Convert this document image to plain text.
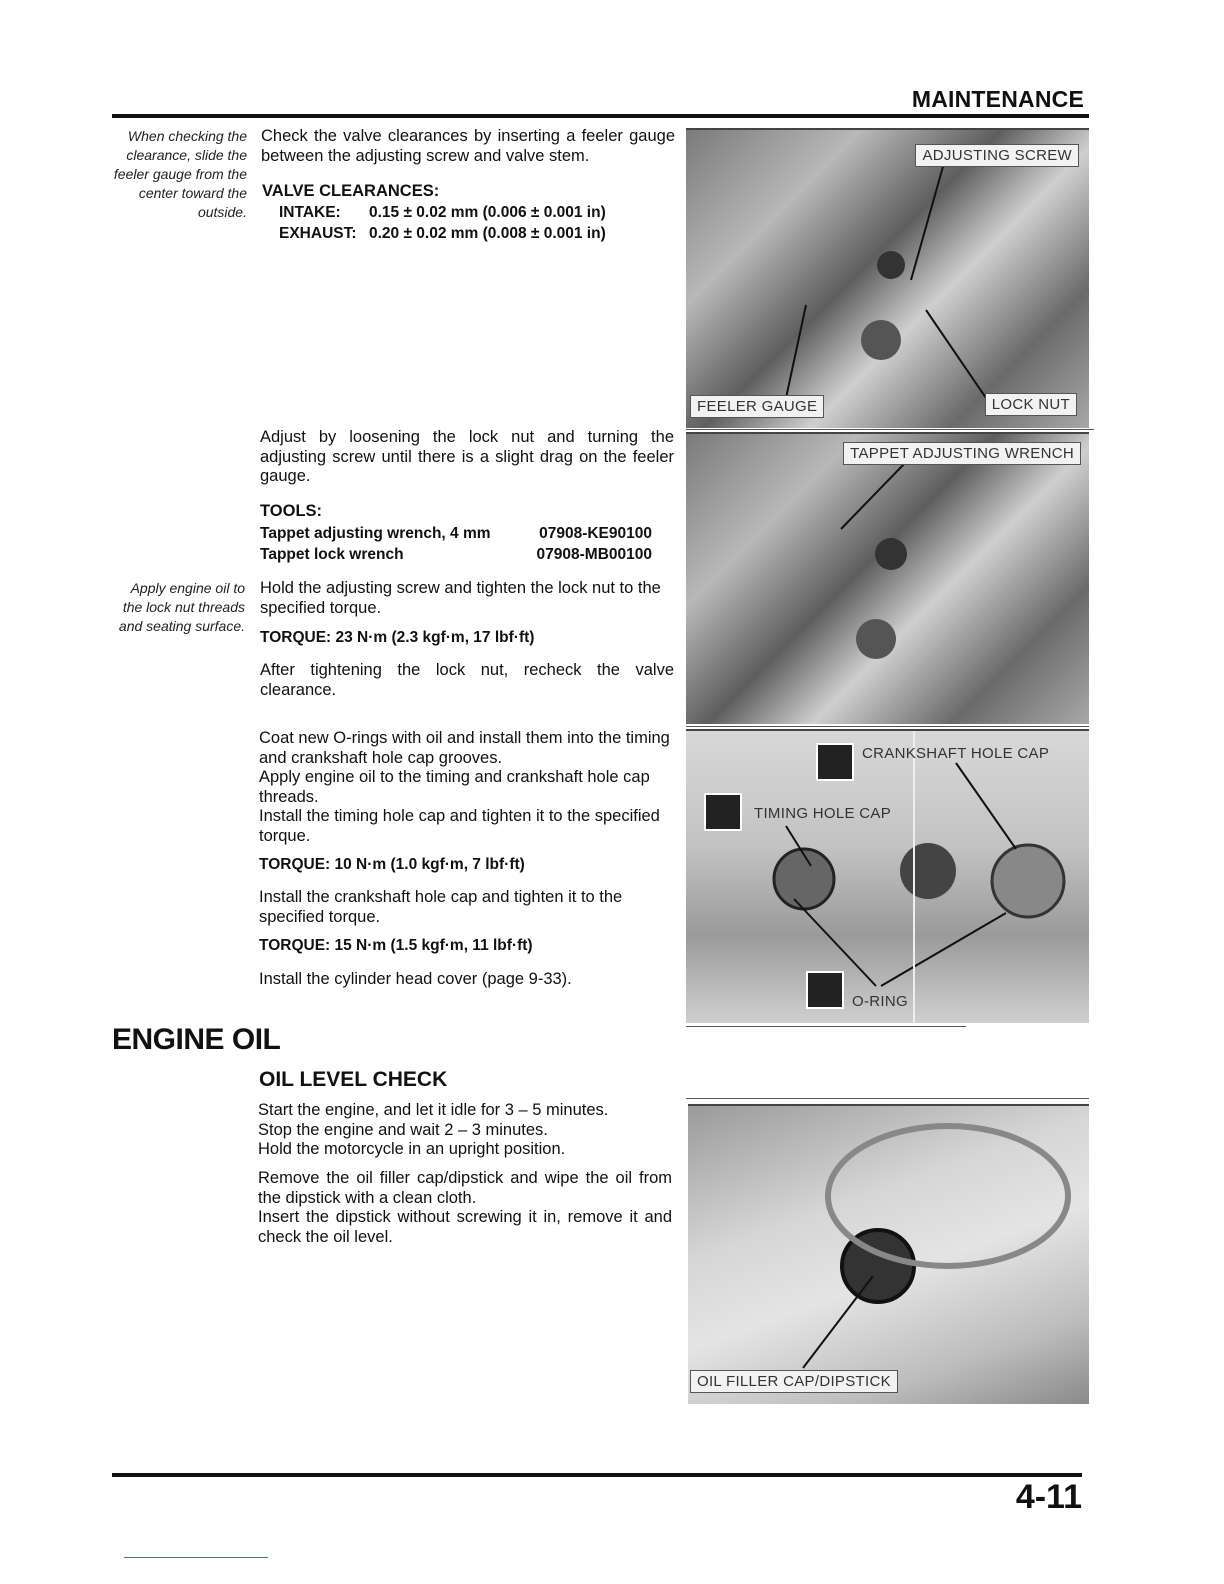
MAINTENANCE
When checking the clearance, slide the feeler gauge from the center toward the outside.
Check the valve clearances by inserting a feeler gauge between the adjusting screw and valve stem.
VALVE CLEARANCES:
INTAKE:	0.15 ± 0.02 mm (0.006 ± 0.001 in)
EXHAUST: 0.20 ± 0.02 mm (0.008 ± 0.001 in)
ADJUSTING SCREW
FEELER GAUGE	LOCK NUT
Adjust by loosening the lock nut and turning the adjusting screw until there is a slight drag on the feeler gauge.
TOOLS:
Tappet adjusting wrench, 4 mm	07908-KE90100
Tappet lock wrench	07908-MB00100
TAPPET ADJUSTING WRENCH
Apply engine oil to the lock nut threads and seating surface.
Hold the adjusting screw and tighten the lock nut to the specified torque.
TORQUE: 23 N·m (2.3 kgf·m, 17 lbf·ft)
After tightening the lock nut, recheck the valve clearance.
Coat new O-rings with oil and install them into the timing and crankshaft hole cap grooves.
Apply engine oil to the timing and crankshaft hole cap threads.
Install the timing hole cap and tighten it to the specified torque.
TORQUE: 10 N·m (1.0 kgf·m, 7 lbf·ft)
Install the crankshaft hole cap and tighten it to the specified torque.
TORQUE: 15 N·m (1.5 kgf·m, 11 lbf·ft)
Install the cylinder head cover (page 9-33).
CRANKSHAFT HOLE CAP
TIMING HOLE CAP
O-RING
ENGINE OIL
OIL LEVEL CHECK
Start the engine, and let it idle for 3 – 5 minutes.
Stop the engine and wait 2 – 3 minutes.
Hold the motorcycle in an upright position.
Remove the oil filler cap/dipstick and wipe the oil from the dipstick with a clean cloth.
Insert the dipstick without screwing it in, remove it and check the oil level.
OIL FILLER CAP/DIPSTICK
4-11
